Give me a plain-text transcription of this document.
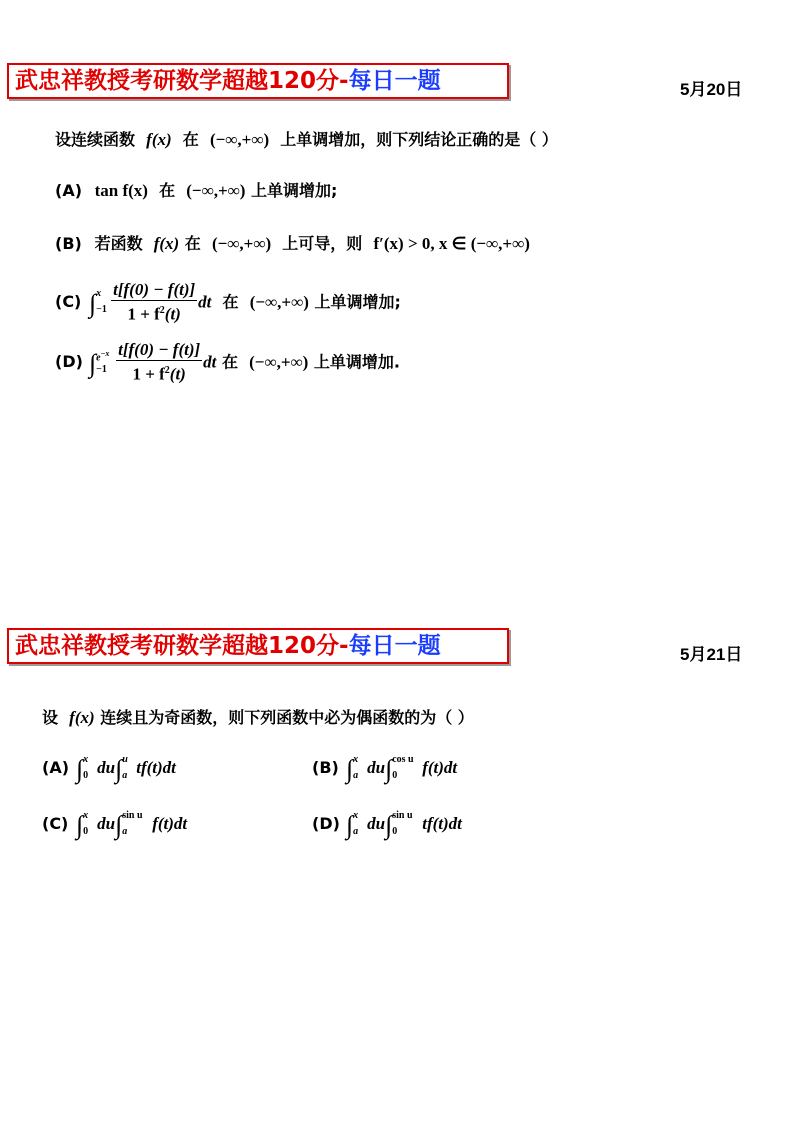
武忠祥教授考研数学超越120分-每日一题	5月20日
设连续函数 f(x) 在 (−∞,+∞) 上单调增加，则下列结论正确的是（ ）
(A) tan f(x) 在 (−∞,+∞) 上单调增加;
(B) 若函数 f(x) 在 (−∞,+∞) 上可导，则 f′(x) > 0, x ∈ (−∞,+∞)
(C) ∫ x
$-1 \frac{t[f(0) - f(t)]}{1 + f^2(t)}$ dt 在 (−∞,+∞) 上单调增加;
(D) ∫ $e^{-x}$
$-1 \frac{t[f(0) - f(t)]}{1 + f^2(t)}$ dt 在 (−∞,+∞) 上单调增加.
武忠祥教授考研数学超越120分-每日一题	5月21日
设 f(x) 连续且为奇函数，则下列函数中必为偶函数的为（ ）
(A) ∫ x
0 du∫ u
a tf(t)dt	(B) ∫ x
a du∫ cos u
0 f(t)dt
(C) ∫ x
0 du∫ sin u
a f(t)dt	(D) ∫ x
a du∫ sin u
0 tf(t)dt
